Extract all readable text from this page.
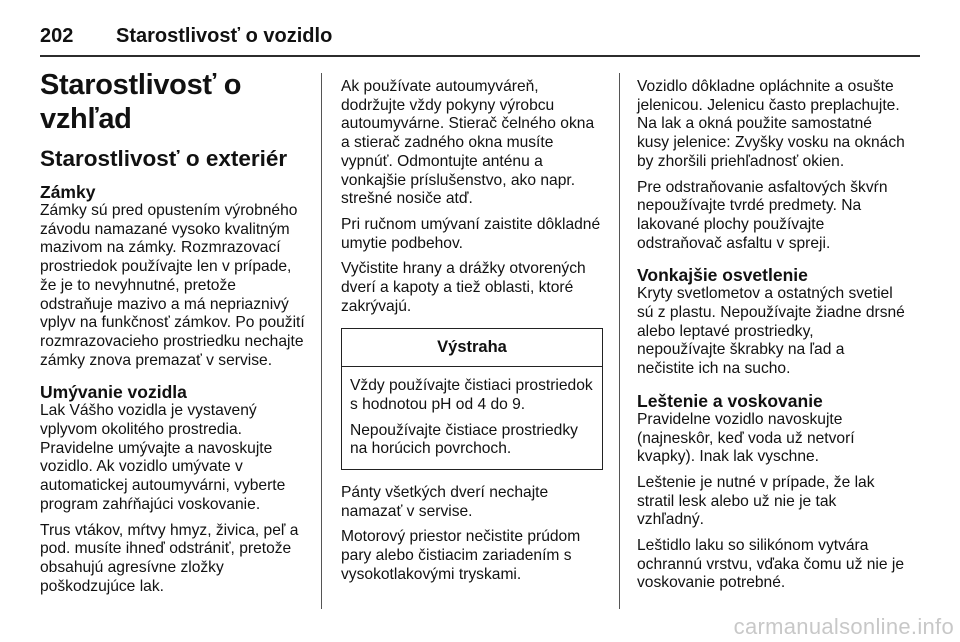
202 Starostlivosť o vozidlo
Starostlivosť o vzhľad
Starostlivosť o exteriér
Zámky

Zámky sú pred opustením výrobného závodu namazané vysoko kvalitným mazivom na zámky. Rozmrazovací prostriedok používajte len v prípade, že je to nevyhnutné, pretože odstraňuje mazivo a má nepriaznivý vplyv na funkčnosť zámkov. Po použití rozmrazovacieho prostriedku nechajte zámky znova premazať v servise.

Umývanie vozidla

Lak Vášho vozidla je vystavený vplyvom okolitého prostredia. Pravidelne umývajte a navoskujte vozidlo. Ak vozidlo umývate v automatickej autoumyvárni, vyberte program zahŕňajúci voskovanie.

Trus vtákov, mŕtvy hmyz, živica, peľ a pod. musíte ihneď odstrániť, pretože obsahujú agresívne zložky poškodzujúce lak.

Ak používate autoumyváreň, dodržujte vždy pokyny výrobcu autoumyvárne. Stierač čelného okna a stierač zadného okna musíte vypnúť. Odmontujte anténu a vonkajšie príslušenstvo, ako napr. strešné nosiče atď.

Pri ručnom umývaní zaistite dôkladné umytie podbehov.

Vyčistite hrany a drážky otvorených dverí a kapoty a tiež oblasti, ktoré zakrývajú.

Výstraha

Vždy používajte čistiaci prostriedok s hodnotou pH od 4 do 9.

Nepoužívajte čistiace prostriedky na horúcich povrchoch.

Pánty všetkých dverí nechajte namazať v servise.

Motorový priestor nečistite prúdom pary alebo čistiacim zariadením s vysokotlakovými tryskami.

Vozidlo dôkladne opláchnite a osušte jelenicou. Jelenicu často preplachujte. Na lak a okná použite samostatné kusy jelenice: Zvyšky vosku na oknách by zhoršili priehľadnosť okien.

Pre odstraňovanie asfaltových škvŕn nepoužívajte tvrdé predmety. Na lakované plochy používajte odstraňovač asfaltu v spreji.

Vonkajšie osvetlenie

Kryty svetlometov a ostatných svetiel sú z plastu. Nepoužívajte žiadne drsné alebo leptavé prostriedky, nepoužívajte škrabky na ľad a nečistite ich na sucho.

Leštenie a voskovanie

Pravidelne vozidlo navoskujte (najneskôr, keď voda už netvorí kvapky). Inak lak vyschne.

Leštenie je nutné v prípade, že lak stratil lesk alebo už nie je tak vzhľadný.

Leštidlo laku so silikónom vytvára ochrannú vrstvu, vďaka čomu už nie je voskovanie potrebné.

carmanualsonline.info
